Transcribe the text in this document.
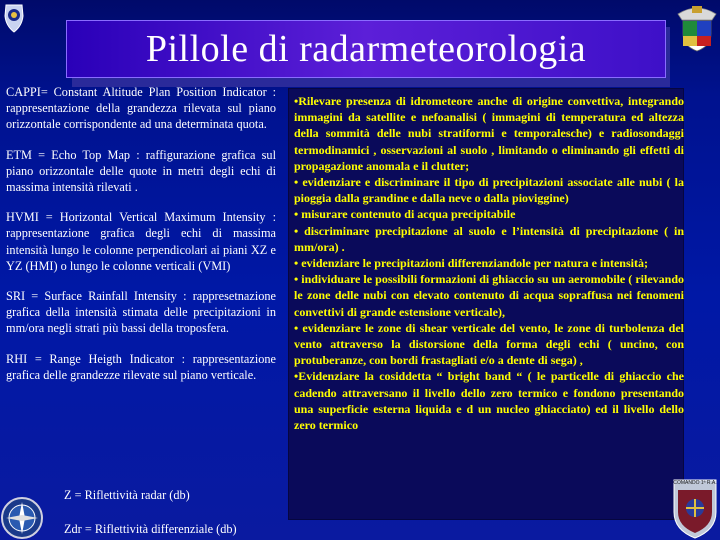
Pillole di radarmeteorologia

CAPPI= Constant Altitude Plan Position Indicator : rappresentazione della grandezza rilevata sul piano orizzontale corrispondente ad una determinata quota.

ETM = Echo Top Map : raffigurazione grafica sul piano orizzontale delle quote in metri degli echi di massima intensità rilevati .

HVMI = Horizontal Vertical Maximum Intensity : rappresentazione grafica degli echi di massima intensità lungo le colonne perpendicolari ai piani XZ e YZ (HMI) o lungo le colonne verticali (VMI)

SRI = Surface Rainfall Intensity : rappresetnazione grafica della intensità stimata delle precipitazioni in mm/ora negli strati più bassi della troposfera.

RHI = Range Heigth Indicator : rappresentazione grafica delle grandezze rilevate sul piano verticale.

Z = Riflettività radar (db)
Zdr = Riflettività differenziale (db)

•Rilevare presenza di idrometeore anche di origine convettiva, integrando immagini da satellite e nefoanalisi ( immagini di temperatura ed altezza della sommità delle nubi stratiformi e temporalesche) e radiosondaggi termodinamici , osservazioni al suolo , limitando o eliminando gli effetti di propagazione anomala e il clutter;

• evidenziare e discriminare il tipo di precipitazioni associate alle nubi ( la pioggia dalla grandine e dalla neve o dalla pioviggine)

• misurare contenuto di acqua precipitabile

• discriminare precipitazione al suolo e l’intensità di precipitazione ( in mm/ora) .

• evidenziare le precipitazioni differenziandole per natura e intensità;

• individuare le possibili formazioni di ghiaccio su un aeromobile ( rilevando le zone delle nubi con elevato contenuto di acqua sopraffusa nei fenomeni convettivi di grande estensione verticale),

• evidenziare le zone di shear verticale del vento, le zone di turbolenza del vento attraverso la distorsione della forma degli echi ( uncino, con protuberanze, con bordi frastagliati e/o a dente di sega) ,

•Evidenziare la cosiddetta “ bright band “ ( le particelle di ghiaccio che cadendo attraversano il livello dello zero termico e fondono presentando una superficie esterna liquida e d un nucleo ghiacciato) ed il livello dello zero termico

COMANDO 1ª R.A.
